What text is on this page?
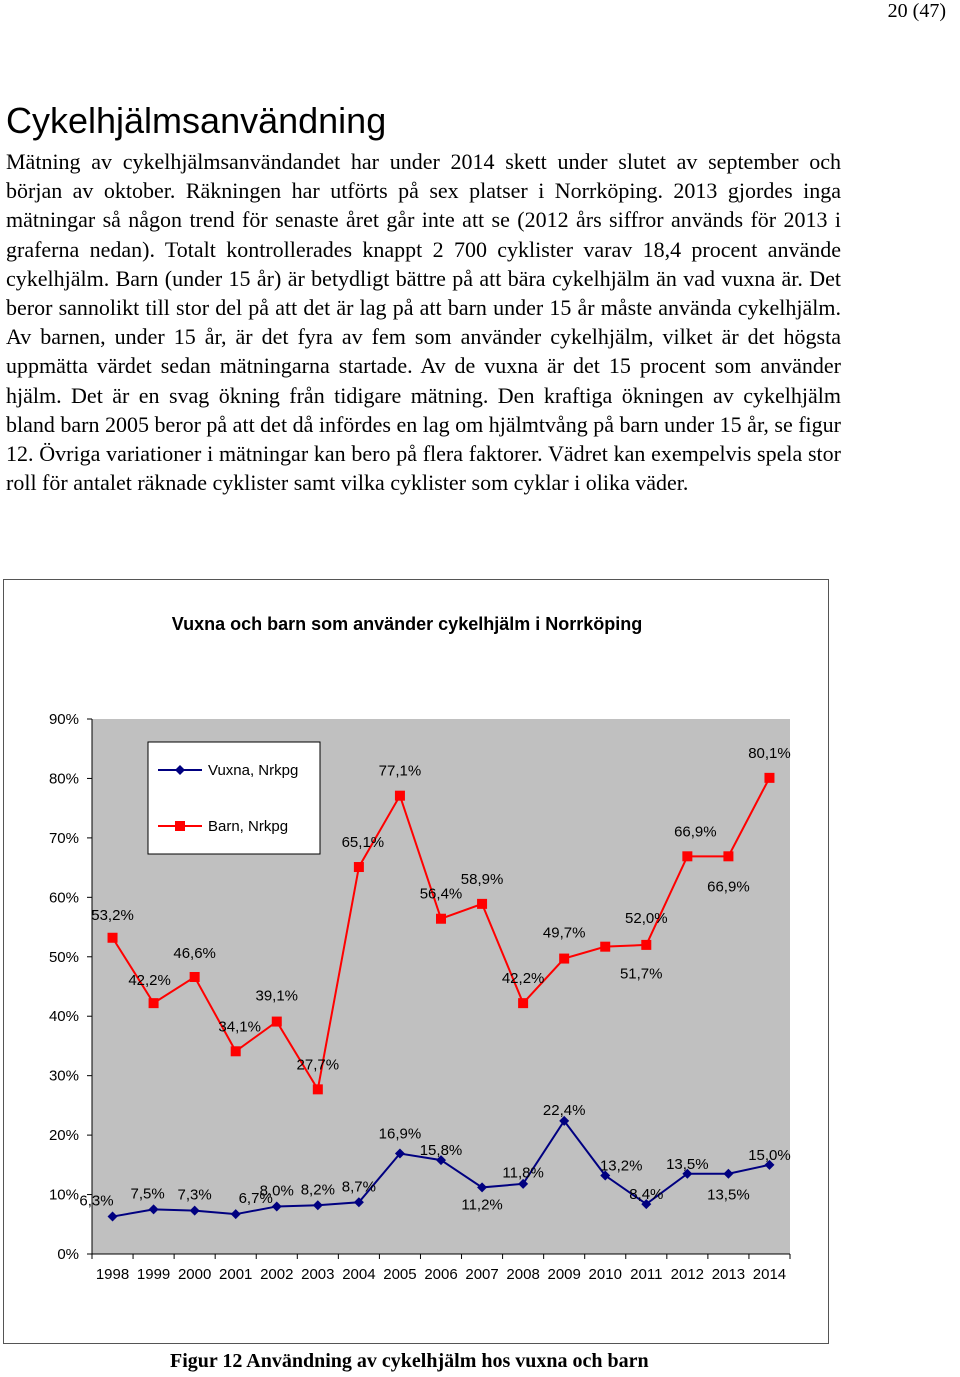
20 (47)
Cykelhjälmsanvändning

Mätning av cykelhjälmsanvändandet har under 2014 skett under slutet av september och början av oktober. Räkningen har utförts på sex platser i Norrköping. 2013 gjordes inga mätningar så någon trend för senaste året går inte att se (2012 års siffror används för 2013 i graferna nedan). Totalt kontrollerades knappt 2 700 cyklister varav 18,4 procent använde cykelhjälm. Barn (under 15 år) är betydligt bättre på att bära cykelhjälm än vad vuxna är. Det beror sannolikt till stor del på att det är lag på att barn under 15 år måste använda cykelhjälm. Av barnen, under 15 år, är det fyra av fem som använder cykelhjälm, vilket är det högsta uppmätta värdet sedan mätningarna startade. Av de vuxna är det 15 procent som använder hjälm. Det är en svag ökning från tidigare mätning. Den kraftiga ökningen av cykelhjälm bland barn 2005 beror på att det då infördes en lag om hjälmtvång på barn under 15 år, se figur 12. Övriga variationer i mätningar kan bero på flera faktorer. Vädret kan exempelvis spela stor roll för antalet räknade cyklister samt vilka cyklister som cyklar i olika väder.

Vuxna och barn som använder cykelhjälm i Norrköping
0%
10%
20%
30%
40%
50%
60%
70%
80%
90%
1998 1999 2000 2001 2002 2003 2004 2005 2006 2007 2008 2009 2010 2011 2012 2013 2014
6,3% 7,5% 7,3% 6,7%
8,0% 8,2% 8,7%
16,9%
15,8%
11,2%
11,8%
22,4%
13,2%
8,4%
13,5%
13,5%
15,0%
53,2%
42,2%
46,6%
34,1%
39,1%
27,7%
65,1%
77,1%
56,4%
58,9%
42,2%
49,7%
51,7%
52,0%
66,9%
66,9%
80,1%
Vuxna, Nrkpg
Barn, Nrkpg

Figur 12 Användning av cykelhjälm hos vuxna och barn
